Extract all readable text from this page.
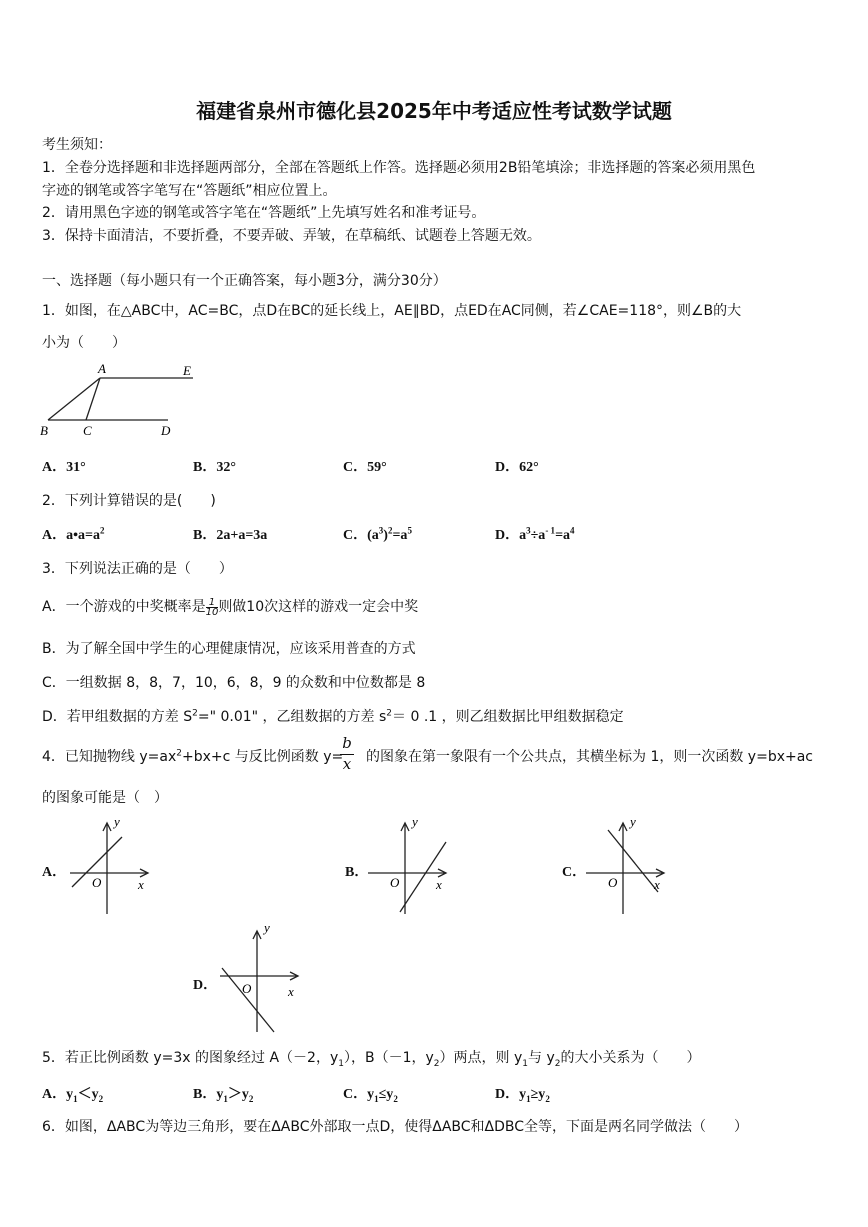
福建省泉州市德化县2025年中考适应性考试数学试题
考生须知：
1．全卷分选择题和非选择题两部分，全部在答题纸上作答。选择题必须用2B铅笔填涂；非选择题的答案必须用黑色
字迹的钢笔或答字笔写在“答题纸”相应位置上。
2．请用黑色字迹的钢笔或答字笔在“答题纸”上先填写姓名和准考证号。
3．保持卡面清洁，不要折叠，不要弄破、弄皱，在草稿纸、试题卷上答题无效。
一、选择题（每小题只有一个正确答案，每小题3分，满分30分）
1．如图，在△ABC中，AC=BC，点D在BC的延长线上，AE∥BD，点ED在AC同侧，若∠CAE=118°，则∠B的大
小为（　　）
A	E
B	C	D
A．31°	B．32°	C．59°	D．62°
2．下列计算错误的是(　　)
A．$a•a=a^2$	B．2a+a=3a	C．$(a^3)^2=a^5$	D．$a^3\div a^{- 1}=a^4$
3．下列说法正确的是（　　）
A．一个游戏的中奖概率是 $\frac{1}{10}$ 则做10次这样的游戏一定会中奖
B．为了解全国中学生的心理健康情况，应该采用普查的方式
C．一组数据 8，8，7，10，6，8，9 的众数和中位数都是 8
D．若甲组数据的方差 $S^2=$" 0.01" ，乙组数据的方差 $s^2= 0$ .1 ，则乙组数据比甲组数据稳定
4．已知抛物线 $y=ax^2+bx+c$ 与反比例函数 y=
b
x 的图象在第一象限有一个公共点，其横坐标为 1，则一次函数 y=bx+ac
的图象可能是（　）
A．
y
x
O
B．
y
x
O
C．
y
x
O
D．
y
x
O
5．若正比例函数 y=3x 的图象经过 A（－2，$y_1$），B（－1，$y_2$）两点，则 $y_1$与 $y_2$的大小关系为（　　）
A．$y_1<y_2$	B．$y_1>y_2$	C．$y_1\le y_2$	D．$y_1\ge y_2$
6．如图，ΔABC为等边三角形，要在ΔABC外部取一点D，使得ΔABC和ΔDBC全等，下面是两名同学做法（　　）
